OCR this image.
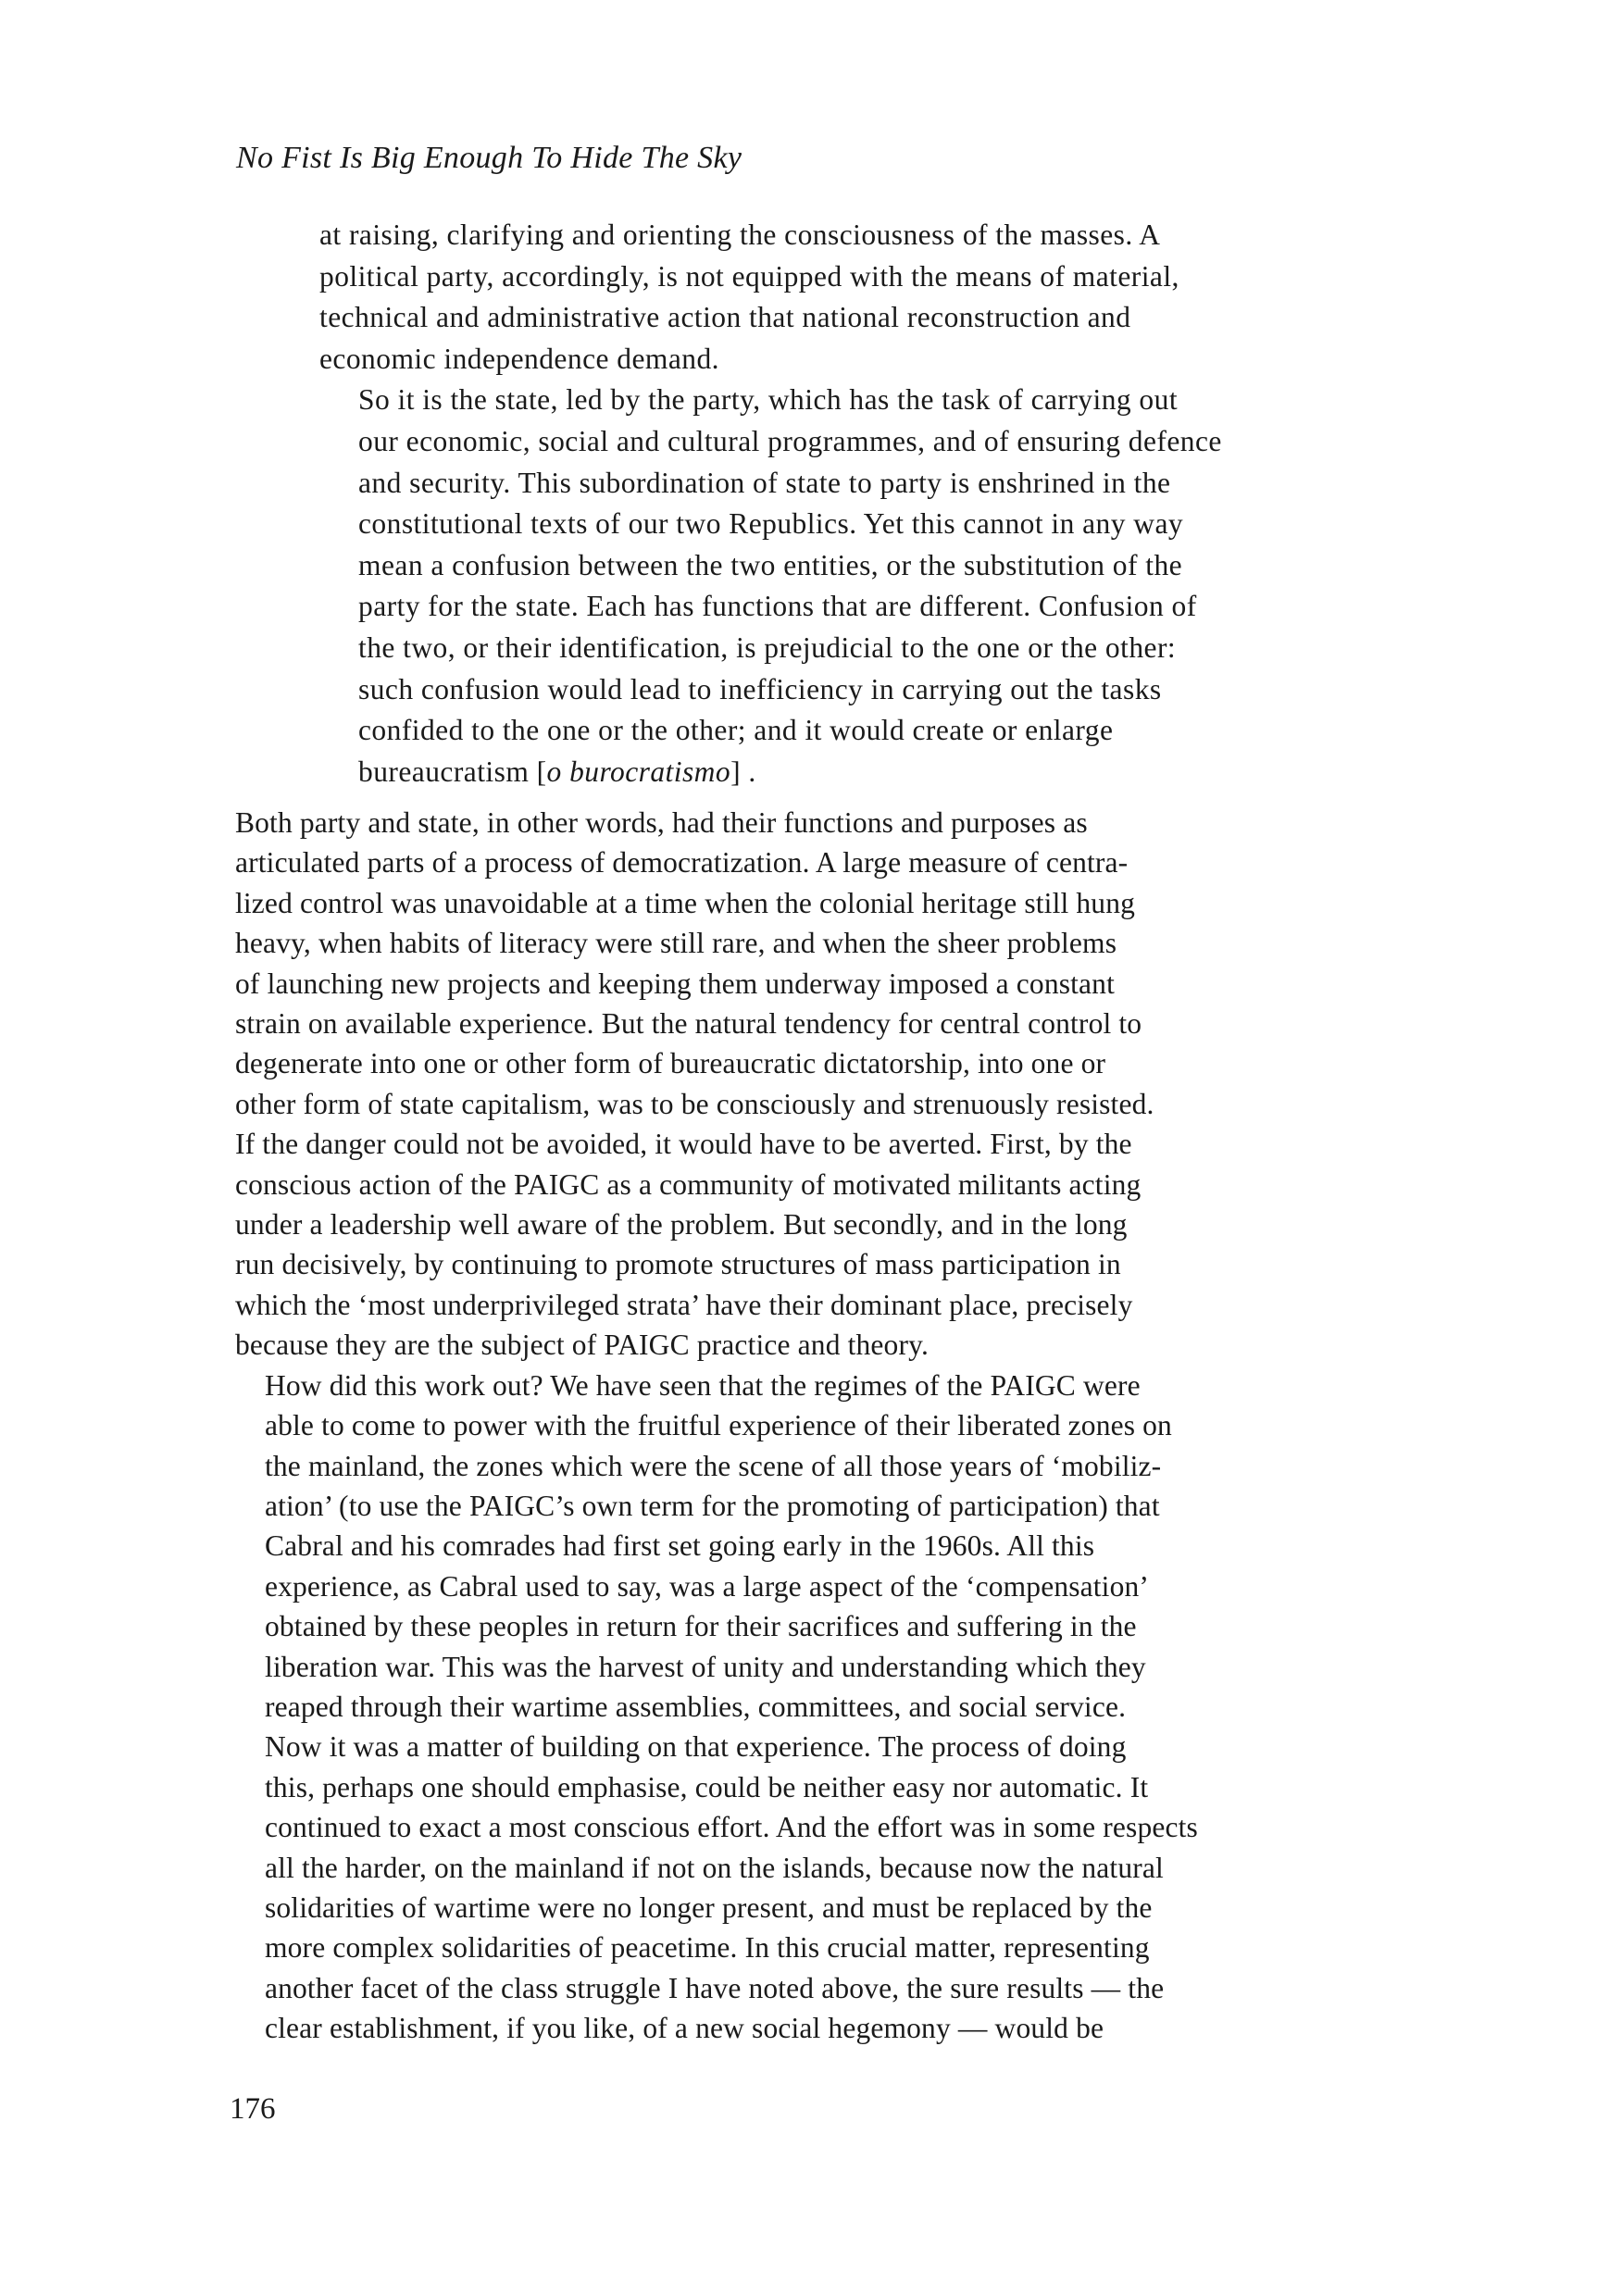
No Fist Is Big Enough To Hide The Sky

at raising, clarifying and orienting the consciousness of the masses. A
political party, accordingly, is not equipped with the means of material,
technical and administrative action that national reconstruction and
economic independence demand.

So it is the state, led by the party, which has the task of carrying out
our economic, social and cultural programmes, and of ensuring defence
and security. This subordination of state to party is enshrined in the
constitutional texts of our two Republics. Yet this cannot in any way
mean a confusion between the two entities, or the substitution of the
party for the state. Each has functions that are different. Confusion of
the two, or their identification, is prejudicial to the one or the other:
such confusion would lead to inefficiency in carrying out the tasks
confided to the one or the other; and it would create or enlarge
bureaucratism [o burocratismo] .

Both party and state, in other words, had their functions and purposes as
articulated parts of a process of democratization. A large measure of centra-
lized control was unavoidable at a time when the colonial heritage still hung
heavy, when habits of literacy were still rare, and when the sheer problems
of launching new projects and keeping them underway imposed a constant
strain on available experience. But the natural tendency for central control to
degenerate into one or other form of bureaucratic dictatorship, into one or
other form of state capitalism, was to be consciously and strenuously resisted.
If the danger could not be avoided, it would have to be averted. First, by the
conscious action of the PAIGC as a community of motivated militants acting
under a leadership well aware of the problem. But secondly, and in the long
run decisively, by continuing to promote structures of mass participation in
which the ‘most underprivileged strata’ have their dominant place, precisely
because they are the subject of PAIGC practice and theory.

How did this work out? We have seen that the regimes of the PAIGC were
able to come to power with the fruitful experience of their liberated zones on
the mainland, the zones which were the scene of all those years of ‘mobiliz-
ation’ (to use the PAIGC’s own term for the promoting of participation) that
Cabral and his comrades had first set going early in the 1960s. All this
experience, as Cabral used to say, was a large aspect of the ‘compensation’
obtained by these peoples in return for their sacrifices and suffering in the
liberation war. This was the harvest of unity and understanding which they
reaped through their wartime assemblies, committees, and social service.

Now it was a matter of building on that experience. The process of doing
this, perhaps one should emphasise, could be neither easy nor automatic. It
continued to exact a most conscious effort. And the effort was in some respects
all the harder, on the mainland if not on the islands, because now the natural
solidarities of wartime were no longer present, and must be replaced by the
more complex solidarities of peacetime. In this crucial matter, representing
another facet of the class struggle I have noted above, the sure results — the
clear establishment, if you like, of a new social hegemony — would be

176
